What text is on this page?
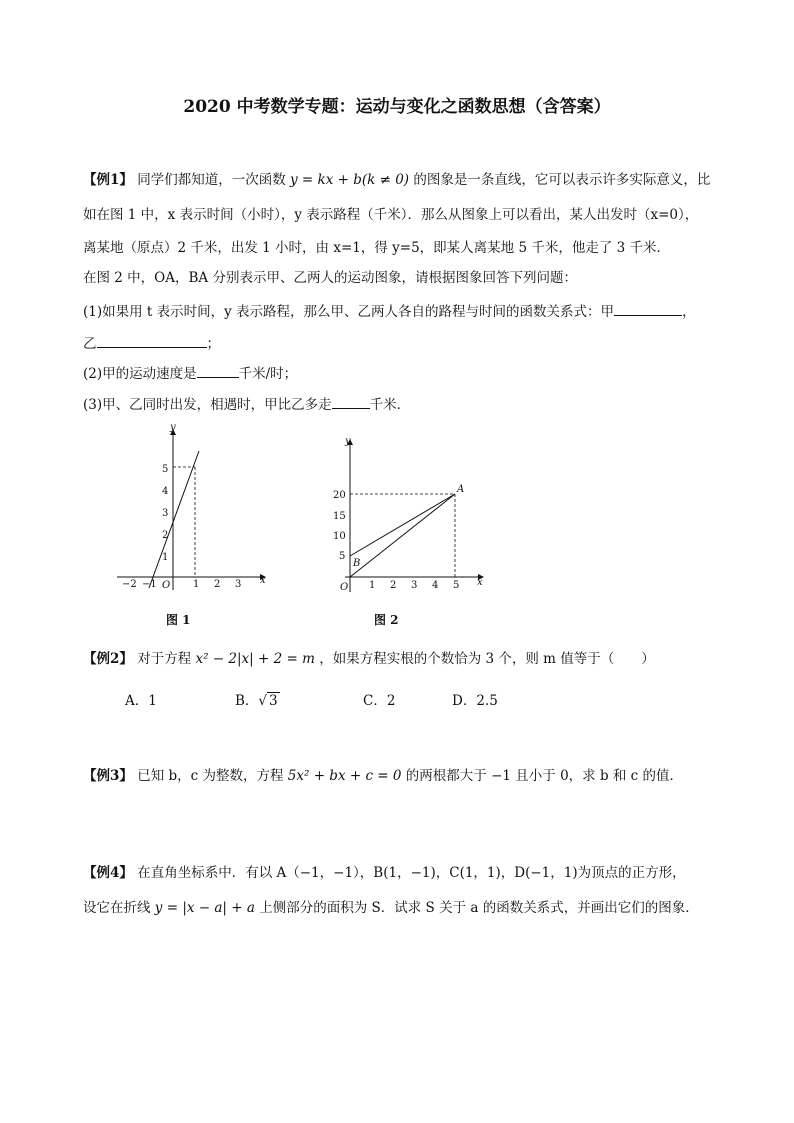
2020 中考数学专题：运动与变化之函数思想（含答案）
【例1】 同学们都知道，一次函数 y = kx + b(k ≠ 0) 的图象是一条直线，它可以表示许多实际意义，比
如在图 1 中，x 表示时间（小时），y 表示路程（千米）．那么从图象上可以看出，某人出发时（x=0），
离某地（原点）2 千米，出发 1 小时，由 x=1，得 y=5，即某人离某地 5 千米，他走了 3 千米．
在图 2 中，OA，BA 分别表示甲、乙两人的运动图象，请根据图象回答下列问题：
(1)如果用 t 表示时间，y 表示路程，那么甲、乙两人各自的路程与时间的函数关系式：甲	，
乙	；
(2)甲的运动速度是	千米/时；
(3)甲、乙同时出发，相遇时，甲比乙多走	千米．
x
y
O
−2 −1	1 2 3
1
2
3
4
5
图 1
x
y
O 1 2 3 4 5
5
10
15
20
A
B
图 2
【例2】 对于方程 x² − 2|x| + 2 = m ，如果方程实根的个数恰为 3 个，则 m 值等于（　　）
A．1	B．√ 3	C．2	D．2.5
【例3】 已知 b，c 为整数，方程 5x² + bx + c = 0 的两根都大于 −1 且小于 0，求 b 和 c 的值．
【例4】 在直角坐标系中．有以 A（−1，−1），B(1，−1)，C(1，1)，D(−1，1)为顶点的正方形，
设它在折线 y = |x − a| + a 上侧部分的面积为 S．试求 S 关于 a 的函数关系式，并画出它们的图象．
